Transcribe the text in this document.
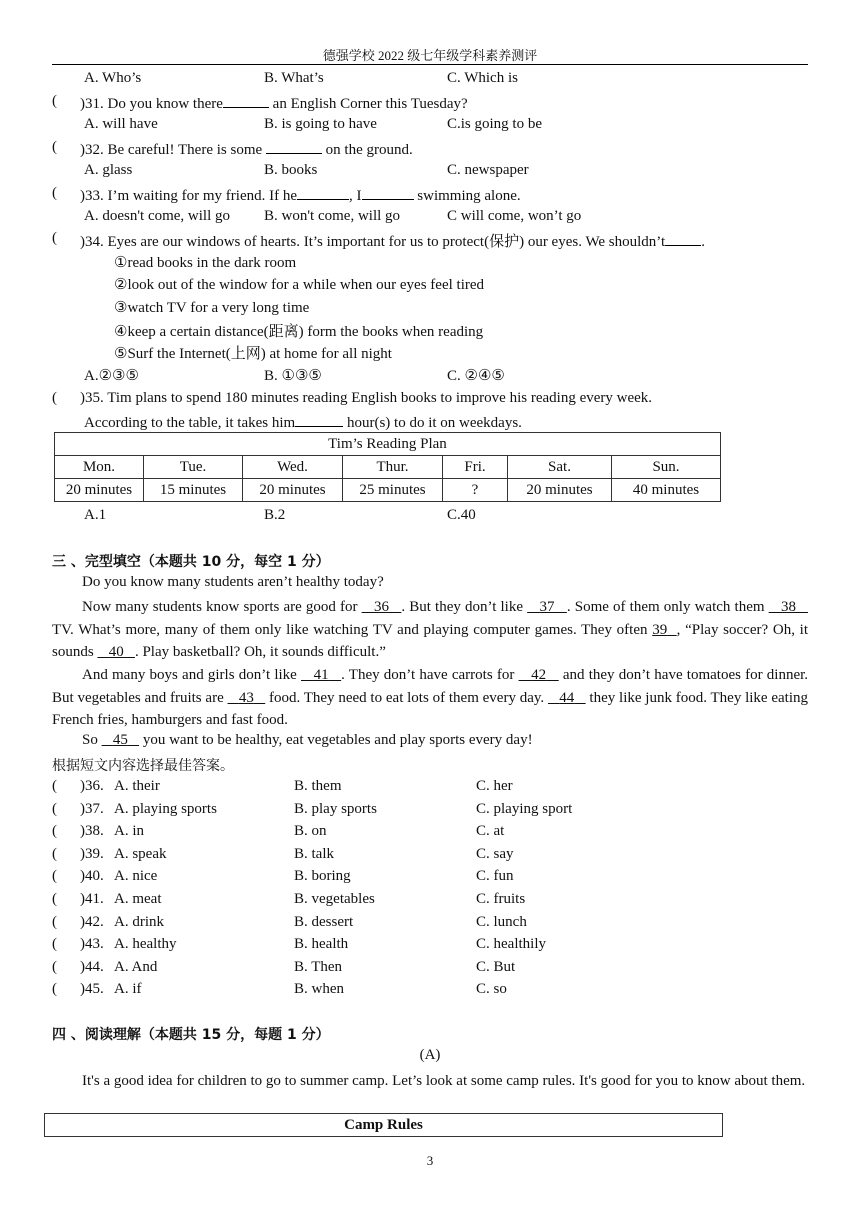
德强学校 2022 级七年级学科素养测评
A. Who’s	B. What’s	C. Which is
( )31. Do you know there	an English Corner this Tuesday?
A. will have	B. is going to have	C.is going to be
( )32. Be careful! There is some	on the ground.
A. glass	B. books	C. newspaper
( )33. I’m waiting for my friend. If he	, I	swimming alone.
A. doesn't come, will go B. won't come, will go	C will come, won’t go
( )34. Eyes are our windows of hearts. It’s important for us to protect(保护) our eyes. We shouldn’t .
①read books in the dark room
②look out of the window for a while when our eyes feel tired
③watch TV for a very long time
④keep a certain distance(距离) form the books when reading
⑤Surf the Internet(上网) at home for all night
A.②③⑤	B. ①③⑤	C. ②④⑤
( )35. Tim plans to spend 180 minutes reading English books to improve his reading every week.
According to the table, it takes him	hour(s) to do it on weekdays.
Tim’s Reading Plan						
Mon.	Tue.	Wed.	Thur.	Fri.	Sat.	Sun.
20 minutes	15 minutes	20 minutes	25 minutes	?	20 minutes	40 minutes
A.1	B.2	C.40
三 、完型填空（本题共 10 分，每空 1 分）
Do you know many students aren’t healthy today?
Now many students know sports are good for    36 . But they don’t like    37 . Some of them only watch them    38    TV. What’s more, many of them only like watching TV and playing computer games. They often 39 , “Play soccer? Oh, it sounds    40 . Play basketball? Oh, it sounds difficult.”
And many boys and girls don’t like    41 . They don’t have carrots for    42    and they don’t have tomatoes for dinner. But vegetables and fruits are    43    food. They need to eat lots of them every day.    44    they like junk food. They like eating French fries, hamburgers and fast food.
So    45    you want to be healthy, eat vegetables and play sports every day!
根据短文内容选择最佳答案。
( )36. A. their	B. them	C. her
( )37. A. playing sports	B. play sports	C. playing sport
( )38. A. in	B. on	C. at
( )39. A. speak	B. talk	C. say
( )40. A. nice	B. boring	C. fun
( )41. A. meat	B. vegetables	C. fruits
( )42. A. drink	B. dessert	C. lunch
( )43. A. healthy	B. health	C. healthily
( )44. A. And	B. Then	C. But
( )45. A. if	B. when	C. so
四 、阅读理解（本题共 15 分，每题 1 分）
(A)
It's a good idea for children to go to summer camp. Let’s look at some camp rules. It's good for you to know about them.
Camp Rules
3
